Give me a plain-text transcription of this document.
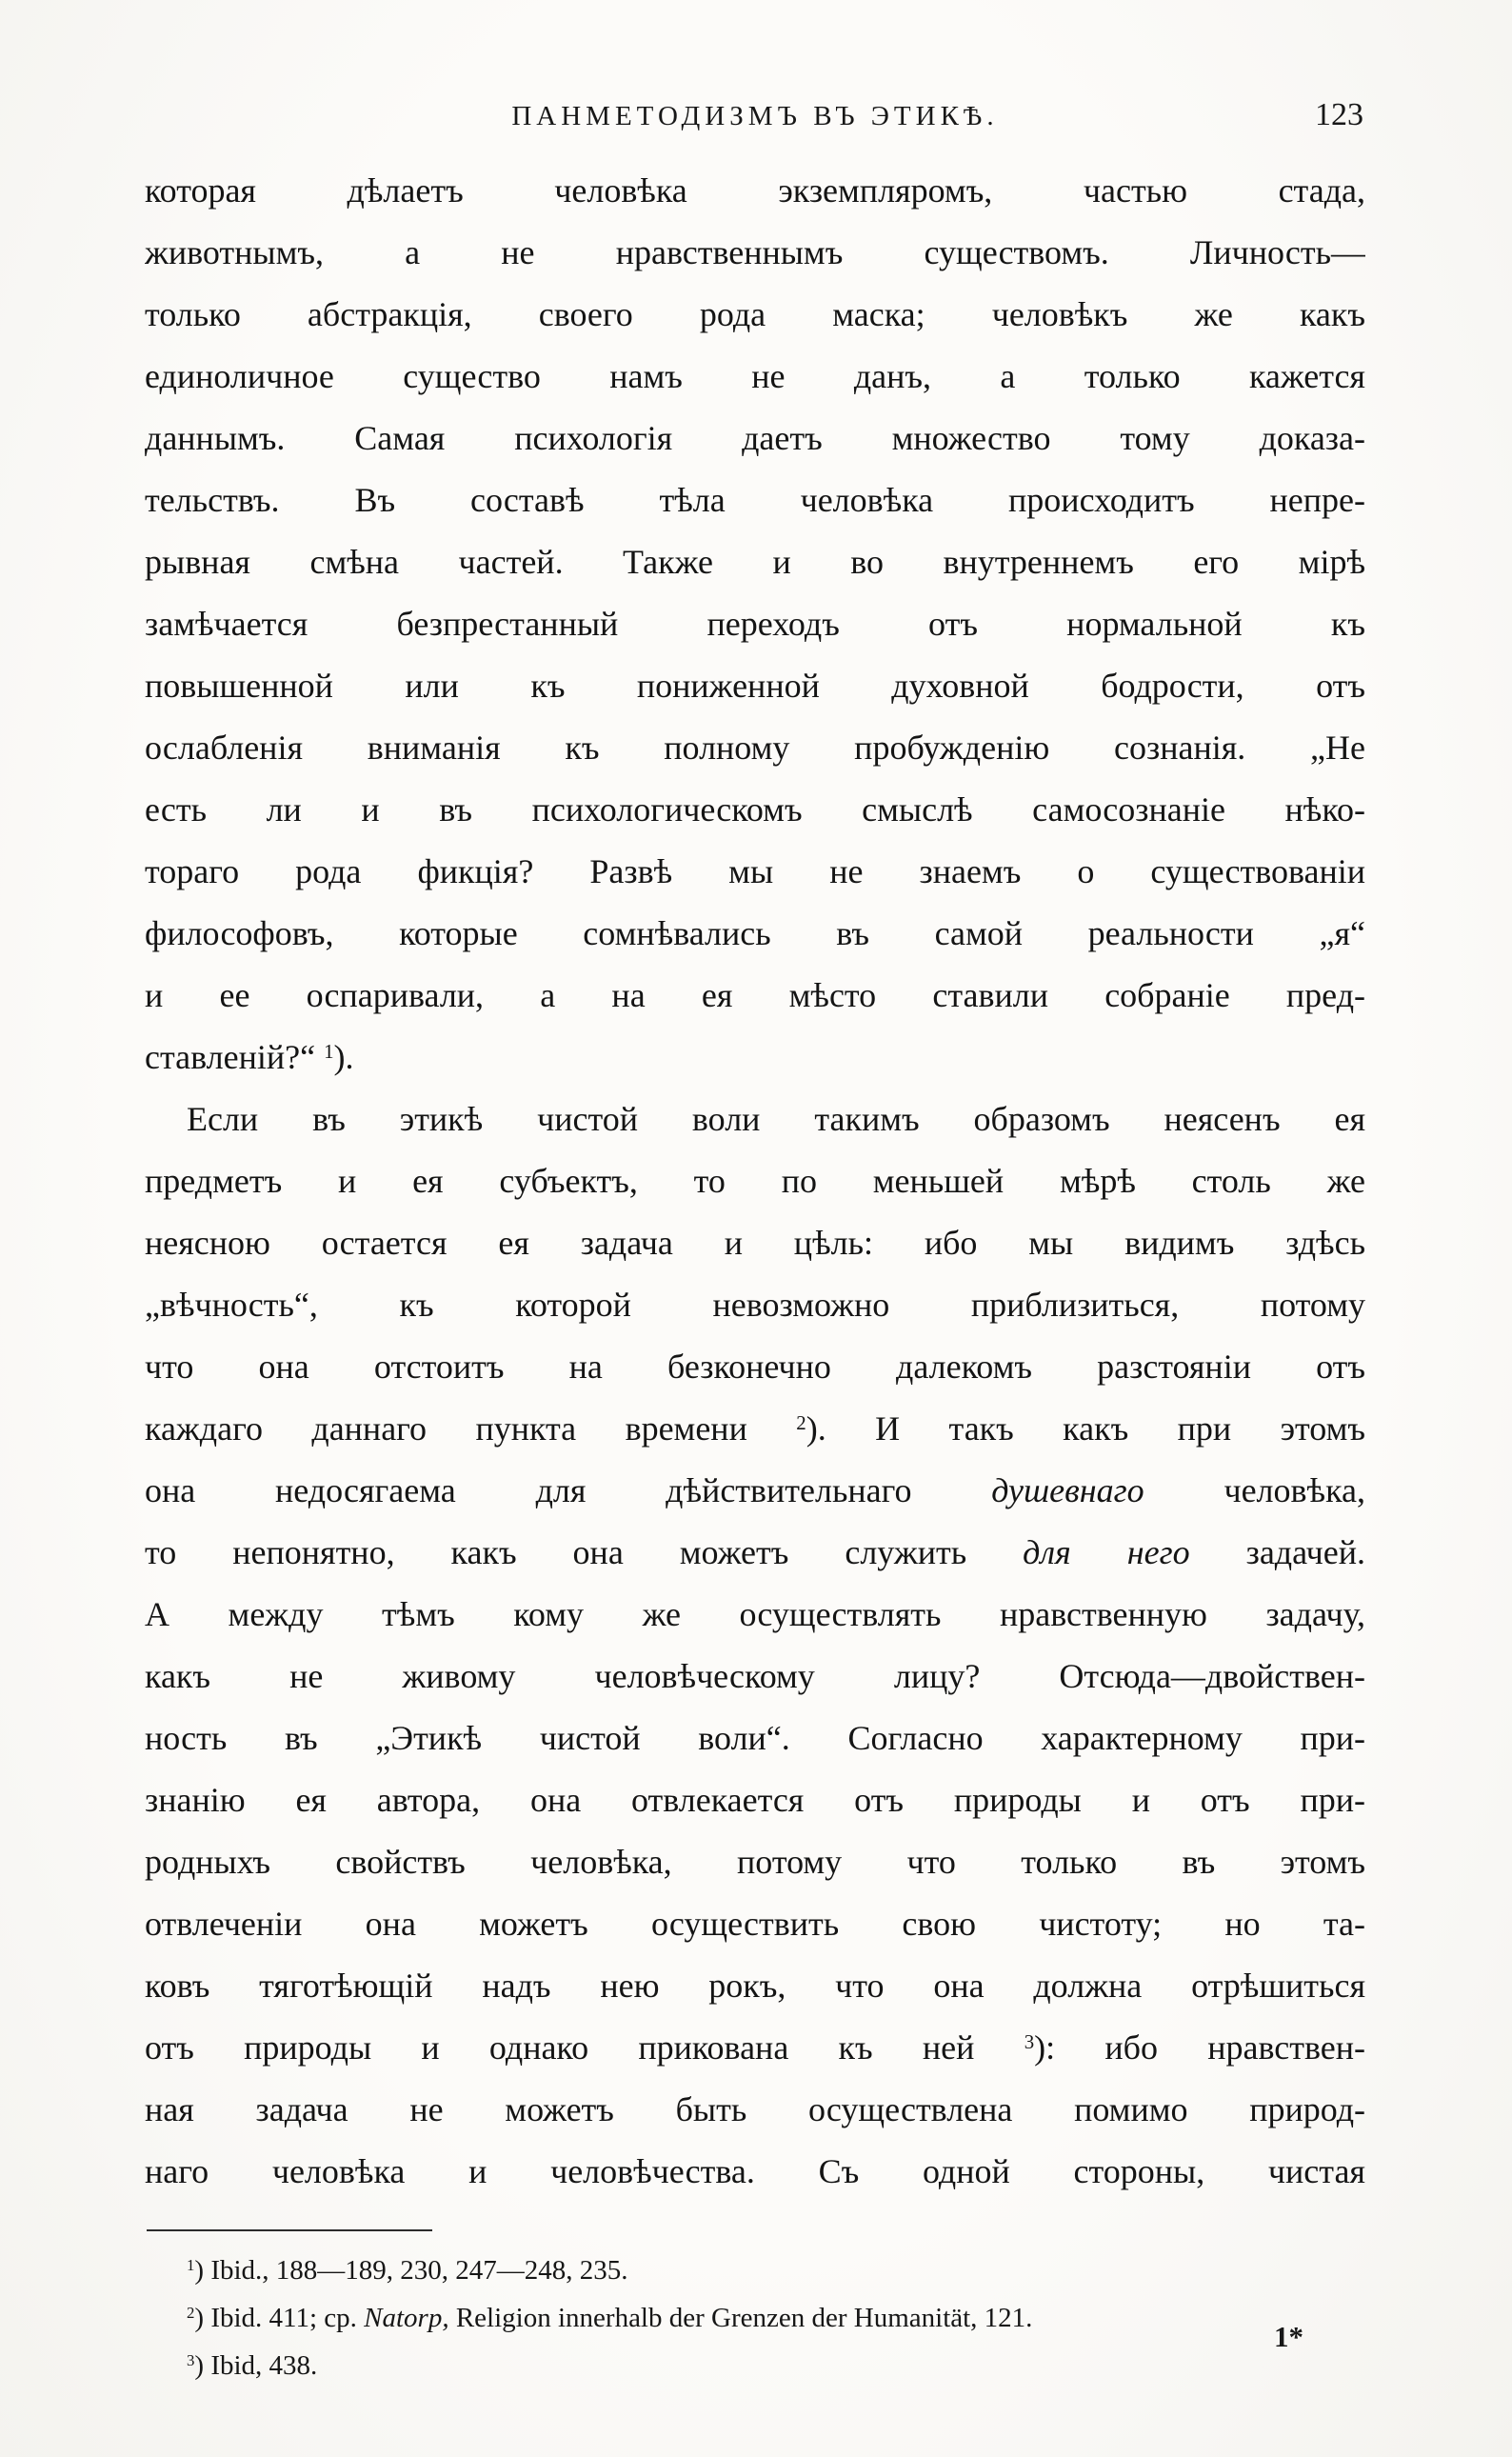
ПАНМЕТОДИЗМЪ ВЪ ЭТИКѢ.	123
которая дѣлаетъ человѣка экземпляромъ, частью стада,
животнымъ, а не нравственнымъ существомъ. Личность—
только абстракція, своего рода маска; человѣкъ же какъ
единоличное существо намъ не данъ, а только кажется
даннымъ. Самая психологія даетъ множество тому доказа-
тельствъ. Въ составѣ тѣла человѣка происходитъ непре-
рывная смѣна частей. Также и во внутреннемъ его мірѣ
замѣчается безпрестанный переходъ отъ нормальной къ
повышенной или къ пониженной духовной бодрости, отъ
ослабленія вниманія къ полному пробужденію сознанія. „Не
есть ли и въ психологическомъ смыслѣ самосознаніе нѣко-
тораго рода фикція? Развѣ мы не знаемъ о существованіи
философовъ, которые сомнѣвались въ самой реальности „я“
и ее оспаривали, а на ея мѣсто ставили собраніе пред-
ставленій?“ $^1$).
Если въ этикѣ чистой воли такимъ образомъ неясенъ ея
предметъ и ея субъектъ, то по меньшей мѣрѣ столь же
неясною остается ея задача и цѣль: ибо мы видимъ здѣсь
„вѣчность“, къ которой невозможно приблизиться, потому
что она отстоитъ на безконечно далекомъ разстояніи отъ
каждаго даннаго пункта времени $^2$). И такъ какъ при этомъ
она недосягаема для дѣйствительнаго душевнаго человѣка,
то непонятно, какъ она можетъ служить для него задачей.
А между тѣмъ кому же осуществлять нравственную задачу,
какъ не живому человѣческому лицу? Отсюда—двойствен-
ность въ „Этикѣ чистой воли“. Согласно характерному при-
знанію ея автора, она отвлекается отъ природы и отъ при-
родныхъ свойствъ человѣка, потому что только въ этомъ
отвлеченіи она можетъ осуществить свою чистоту; но та-
ковъ тяготѣющій надъ нею рокъ, что она должна отрѣшиться
отъ природы и однако прикована къ ней $^3$): ибо нравствен-
ная задача не можетъ быть осуществлена помимо природ-
наго человѣка и человѣчества. Съ одной стороны, чистая
$^1$) Ibid., 188—189, 230, 247—248, 235.
$^2$) Ibid. 411; ср. Natorp, Religion innerhalb der Grenzen der Humanität, 121.
$^3$) Ibid, 438.
1*
